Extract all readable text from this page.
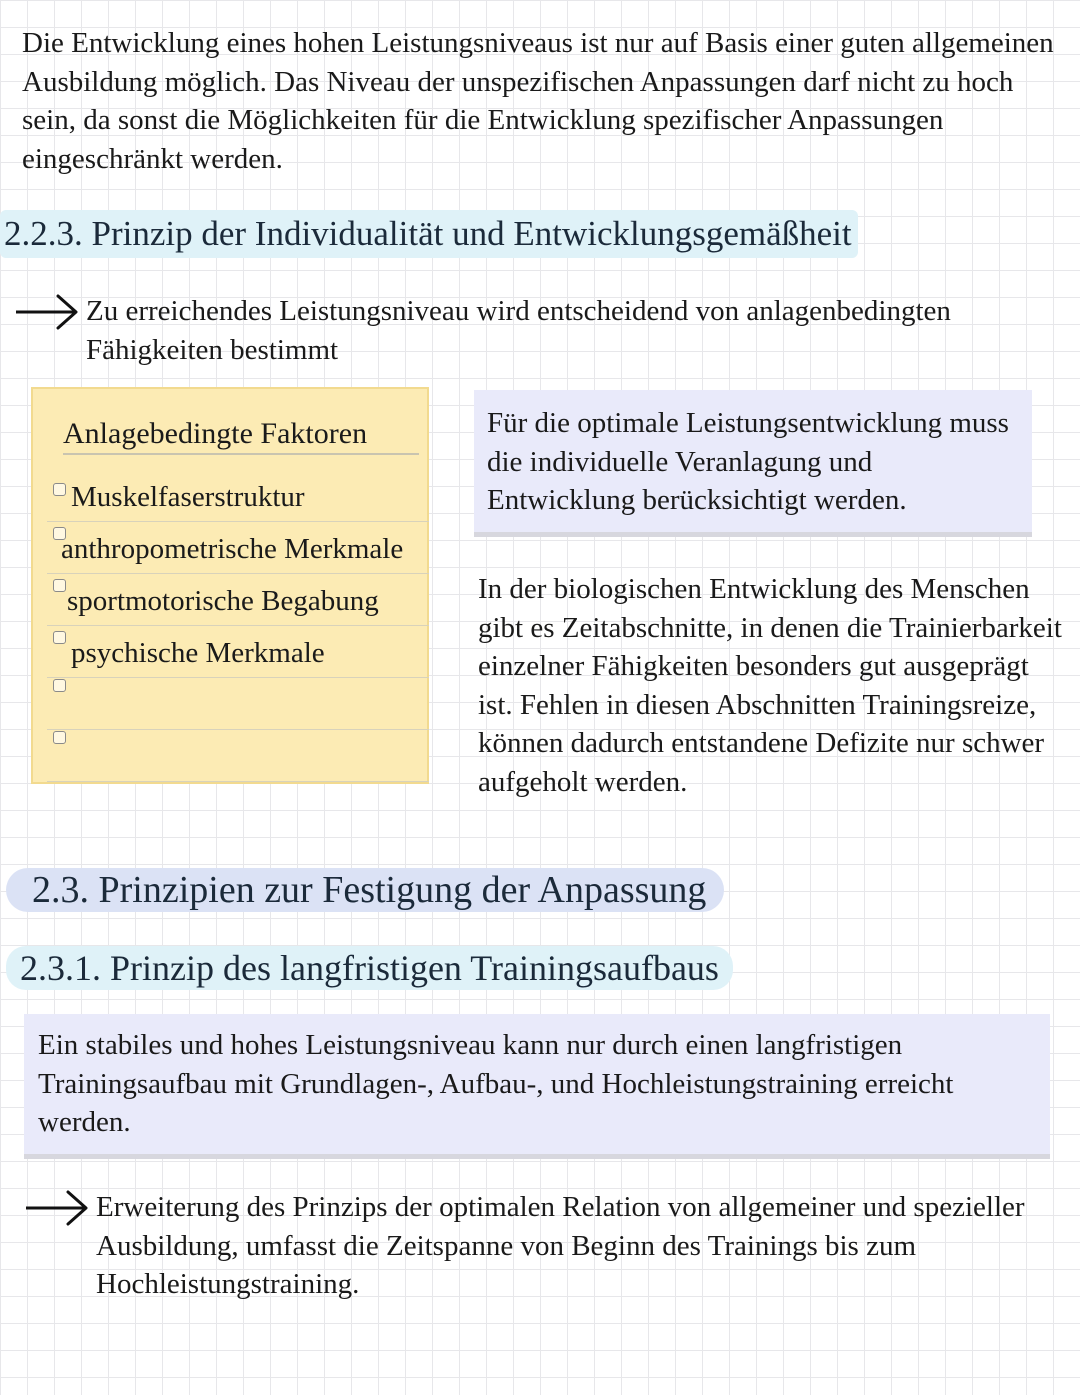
Die Entwicklung eines hohen Leistungsniveaus ist nur auf Basis einer guten allgemeinen Ausbildung möglich. Das Niveau der unspezifischen Anpassungen darf nicht zu hoch sein, da sonst die Möglichkeiten für die Entwicklung spezifischer Anpassungen eingeschränkt werden.
2.2.3. Prinzip der Individualität und Entwicklungsgemäßheit
Zu erreichendes Leistungsniveau wird entscheidend von anlagenbedingten Fähigkeiten bestimmt
Anlagebedingte Faktoren
Muskelfaserstruktur
anthropometrische Merkmale
sportmotorische Begabung
psychische Merkmale
Für die optimale Leistungsentwicklung muss die individuelle Veranlagung und Entwicklung berücksichtigt werden.
In der biologischen Entwicklung des Menschen gibt es Zeitabschnitte, in denen die Trainierbarkeit einzelner Fähigkeiten besonders gut ausgeprägt ist. Fehlen in diesen Abschnitten Trainingsreize, können dadurch entstandene Defizite nur schwer aufgeholt werden.
2.3. Prinzipien zur Festigung der Anpassung
2.3.1. Prinzip des langfristigen Trainingsaufbaus
Ein stabiles und hohes Leistungsniveau kann nur durch einen langfristigen Trainingsaufbau mit Grundlagen-, Aufbau-, und Hochleistungstraining erreicht werden.
Erweiterung des Prinzips der optimalen Relation von allgemeiner und spezieller Ausbildung, umfasst die Zeitspanne von Beginn des Trainings bis zum Hochleistungstraining.
